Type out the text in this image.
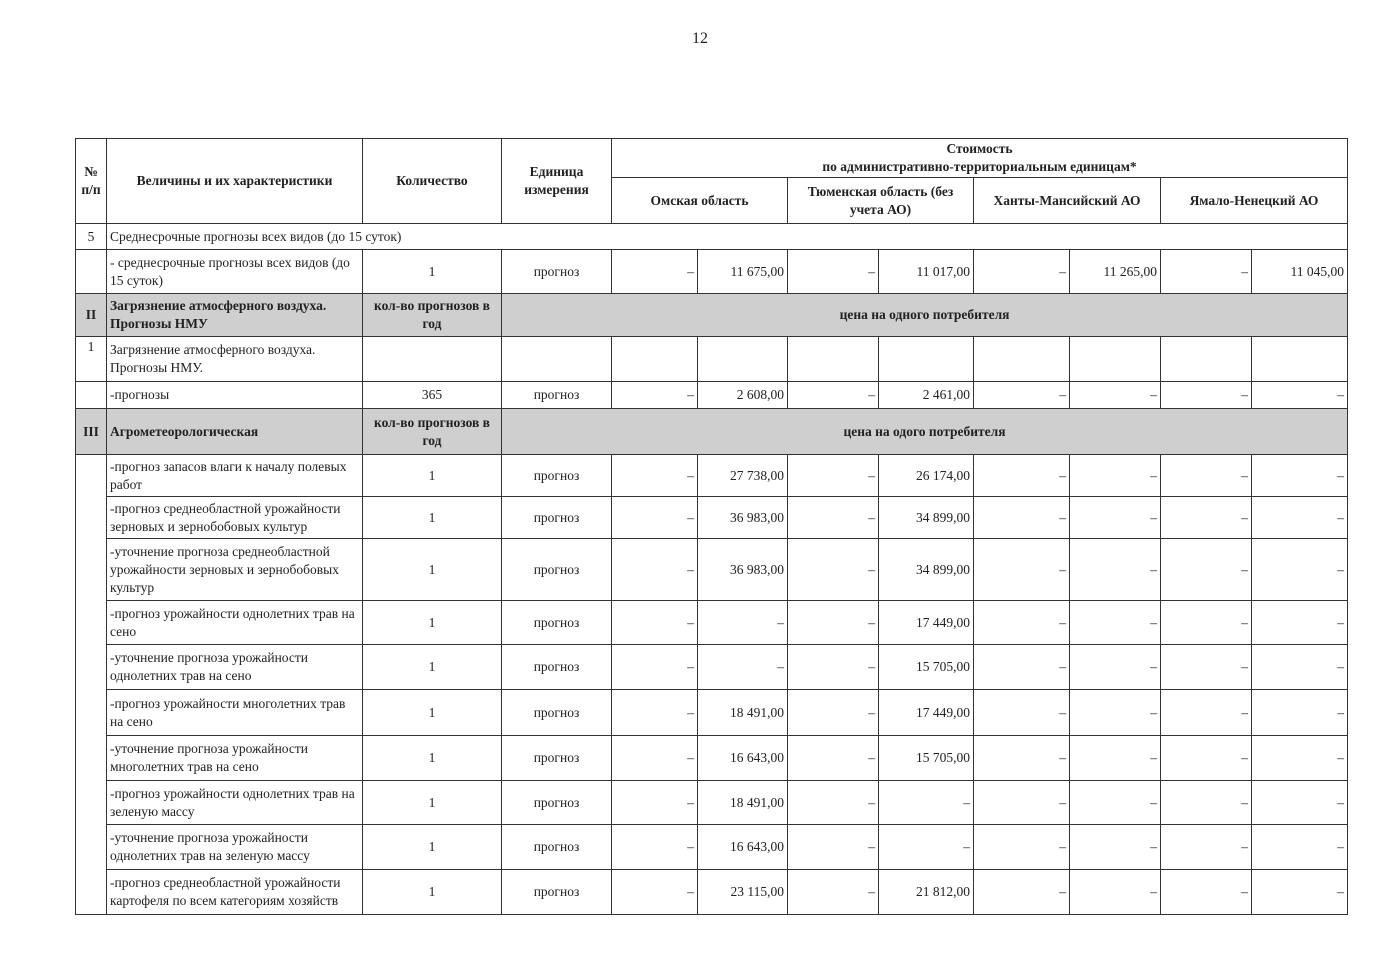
12
№ п/п	Величины и их характеристики	Количество	Единица измерения	Стоимость
по административно-территориальным единицам*							

				Омская область		Тюменская область (без учета АО)		Ханты-Мансийский АО		Ямало-Ненецкий АО	
5	Среднесрочные прогнозы всех видов (до 15 суток)										
	- среднесрочные прогнозы всех видов (до 15 суток)	1	прогноз	–	11 675,00	–	11 017,00	–	11 265,00	–	11 045,00
II	Загрязнение атмосферного воздуха. Прогнозы НМУ	кол-во прогнозов в год	цена на одного потребителя								
1	Загрязнение атмосферного воздуха. Прогнозы НМУ.										
	-прогнозы	365	прогноз	–	2 608,00	–	2 461,00	–	–	–	–
III	Агрометеорологическая	кол-во прогнозов в год	цена на одого потребителя								
	-прогноз запасов влаги к началу полевых работ	1	прогноз	–	27 738,00	–	26 174,00	–	–	–	–
	-прогноз среднеобластной урожайности зерновых и зернобобовых культур	1	прогноз	–	36 983,00	–	34 899,00	–	–	–	–
	-уточнение прогноза среднеобластной урожайности зерновых и зернобобовых культур	1	прогноз	–	36 983,00	–	34 899,00	–	–	–	–
	-прогноз урожайности однолетних трав на сено	1	прогноз	–	–	–	17 449,00	–	–	–	–
	-уточнение прогноза урожайности однолетних трав на сено	1	прогноз	–	–	–	15 705,00	–	–	–	–
	-прогноз урожайности многолетних трав на сено	1	прогноз	–	18 491,00	–	17 449,00	–	–	–	–
	-уточнение прогноза урожайности многолетних трав на сено	1	прогноз	–	16 643,00	–	15 705,00	–	–	–	–
	-прогноз урожайности однолетних трав на зеленую массу	1	прогноз	–	18 491,00	–	–	–	–	–	–
	-уточнение прогноза урожайности однолетних трав на зеленую массу	1	прогноз	–	16 643,00	–	–	–	–	–	–
	-прогноз среднеобластной урожайности картофеля по всем категориям хозяйств	1	прогноз	–	23 115,00	–	21 812,00	–	–	–	–
